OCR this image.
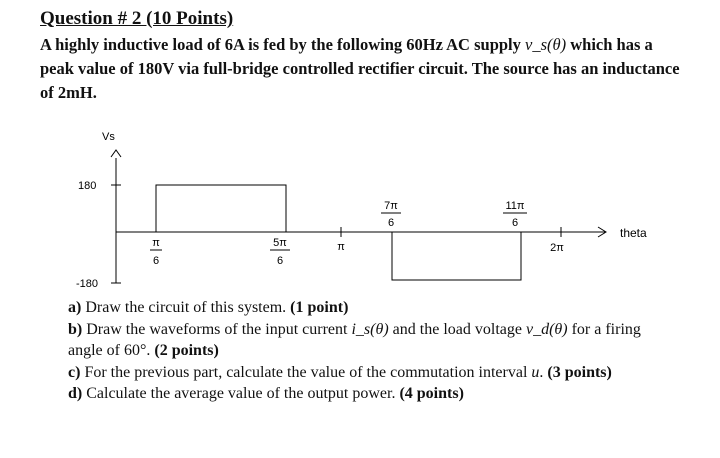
Question # 2 (10 Points)
A highly inductive load of 6A is fed by the following 60Hz AC supply v_s(θ) which has a peak value of 180V via full-bridge controlled rectifier circuit. The source has an inductance of 2mH.
Vs
180
-180
theta
π
6
5π
6
π
7π
6
11π
6
2π
a) Draw the circuit of this system. (1 point)
b) Draw the waveforms of the input current i_s(θ) and the load voltage v_d(θ) for a firing angle of 60°. (2 points)
c) For the previous part, calculate the value of the commutation interval u. (3 points)
d) Calculate the average value of the output power. (4 points)
